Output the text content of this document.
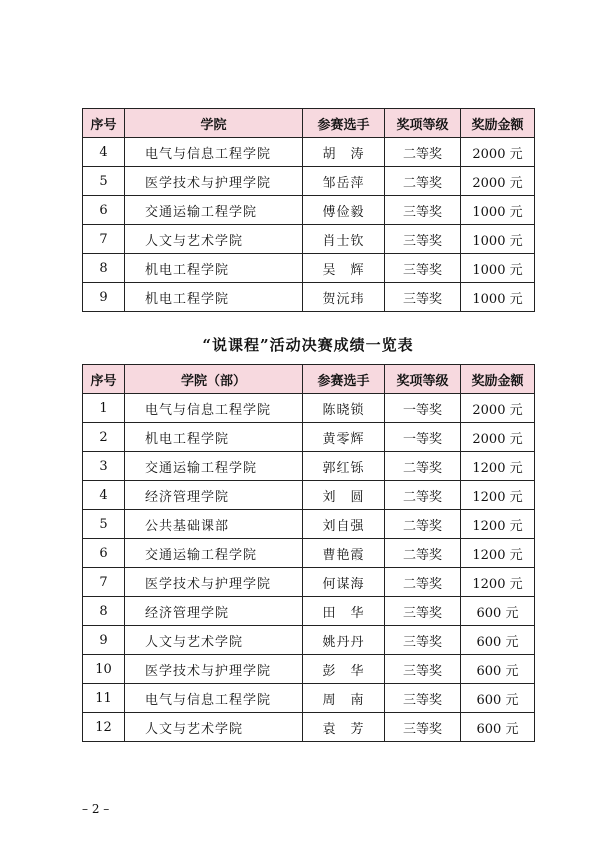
序号	学院	参赛选手	奖项等级	奖励金额
4	电气与信息工程学院	胡　涛	二等奖	2000 元
5	医学技术与护理学院	邹岳萍	二等奖	2000 元
6	交通运输工程学院	傅俭毅	三等奖	1000 元
7	人文与艺术学院	肖士钦	三等奖	1000 元
8	机电工程学院	吴　辉	三等奖	1000 元
9	机电工程学院	贺沅玮	三等奖	1000 元
“说课程”活动决赛成绩一览表
序号	学院（部）	参赛选手	奖项等级	奖励金额
1	电气与信息工程学院	陈晓锁	一等奖	2000 元
2	机电工程学院	黄零辉	一等奖	2000 元
3	交通运输工程学院	郭红铄	二等奖	1200 元
4	经济管理学院	刘　圆	二等奖	1200 元
5	公共基础课部	刘自强	二等奖	1200 元
6	交通运输工程学院	曹艳霞	二等奖	1200 元
7	医学技术与护理学院	何谋海	二等奖	1200 元
8	经济管理学院	田　华	三等奖	600 元
9	人文与艺术学院	姚丹丹	三等奖	600 元
10	医学技术与护理学院	彭　华	三等奖	600 元
11	电气与信息工程学院	周　南	三等奖	600 元
12	人文与艺术学院	袁　芳	三等奖	600 元
– 2 –
